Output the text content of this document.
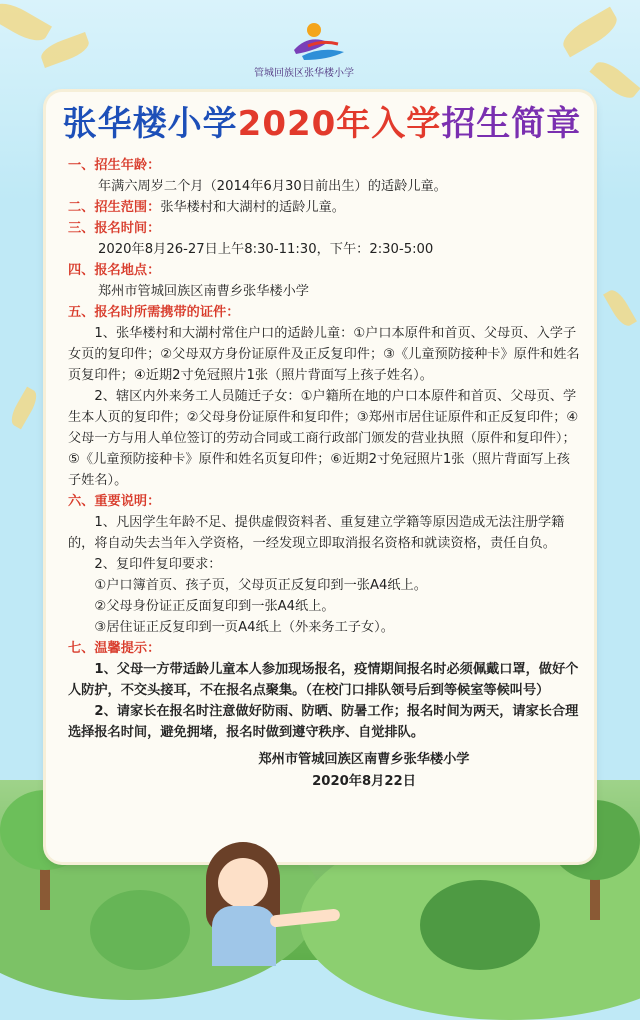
管城回族区张华楼小学
张华楼小学2020年入学招生简章
一、招生年龄：
年满六周岁二个月（2014年6月30日前出生）的适龄儿童。
二、招生范围：张华楼村和大湖村的适龄儿童。
三、报名时间：
2020年8月26-27日上午8:30-11:30，下午：2:30-5:00
四、报名地点：
郑州市管城回族区南曹乡张华楼小学
五、报名时所需携带的证件：
1、张华楼村和大湖村常住户口的适龄儿童：①户口本原件和首页、父母页、入学子女页的复印件；②父母双方身份证原件及正反复印件；③《儿童预防接种卡》原件和姓名页复印件；④近期2寸免冠照片1张（照片背面写上孩子姓名）。
2、辖区内外来务工人员随迁子女：①户籍所在地的户口本原件和首页、父母页、学生本人页的复印件；②父母身份证原件和复印件；③郑州市居住证原件和正反复印件；④父母一方与用人单位签订的劳动合同或工商行政部门颁发的营业执照（原件和复印件）；⑤《儿童预防接种卡》原件和姓名页复印件；⑥近期2寸免冠照片1张（照片背面写上孩子姓名）。
六、重要说明：
1、凡因学生年龄不足、提供虚假资料者、重复建立学籍等原因造成无法注册学籍的，将自动失去当年入学资格，一经发现立即取消报名资格和就读资格，责任自负。
2、复印件复印要求：
①户口簿首页、孩子页，父母页正反复印到一张A4纸上。
②父母身份证正反面复印到一张A4纸上。
③居住证正反复印到一页A4纸上（外来务工子女）。
七、温馨提示：
1、父母一方带适龄儿童本人参加现场报名，疫情期间报名时必须佩戴口罩，做好个人防护，不交头接耳，不在报名点聚集。（在校门口排队领号后到等候室等候叫号）
2、请家长在报名时注意做好防雨、防晒、防暑工作；报名时间为两天，请家长合理选择报名时间，避免拥堵，报名时做到遵守秩序、自觉排队。
郑州市管城回族区南曹乡张华楼小学
2020年8月22日
